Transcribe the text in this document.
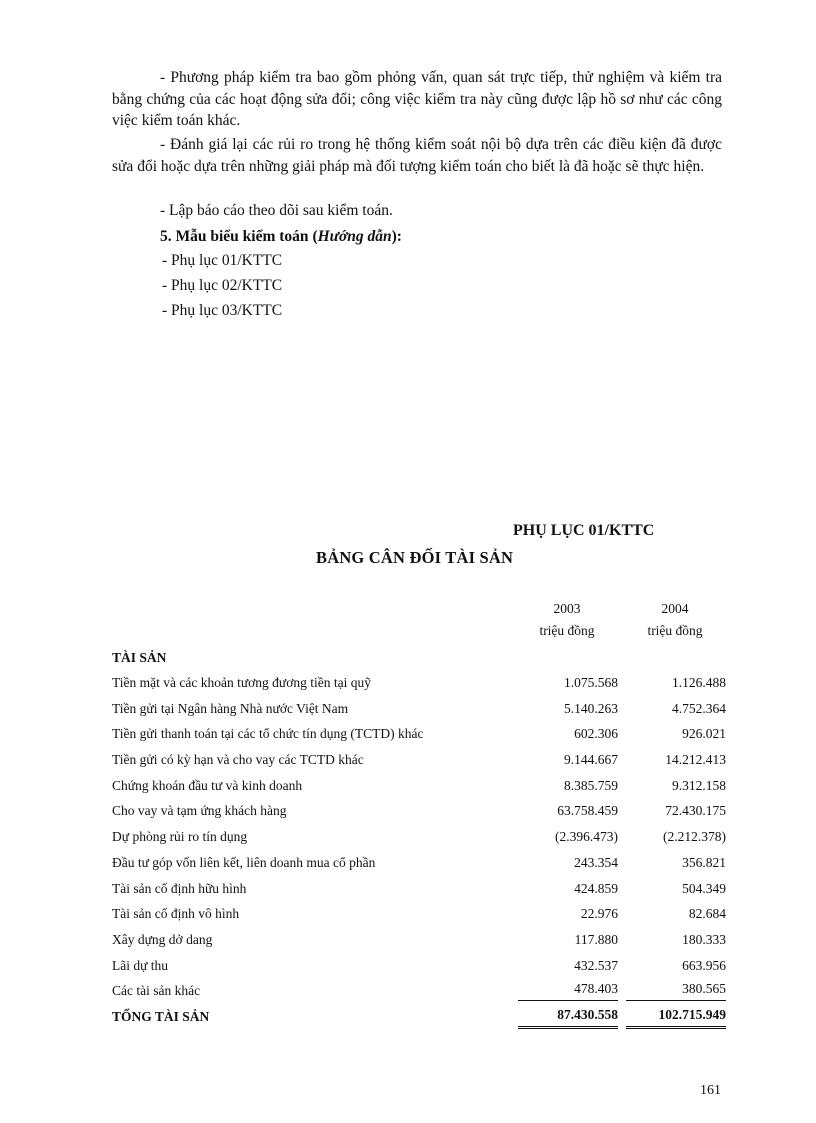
- Phương pháp kiểm tra bao gồm phỏng vấn, quan sát trực tiếp, thử nghiệm và kiểm tra bằng chứng của các hoạt động sửa đổi; công việc kiểm tra này cũng được lập hồ sơ như các công việc kiểm toán khác.

- Đánh giá lại các rủi ro trong hệ thống kiểm soát nội bộ dựa trên các điều kiện đã được sửa đổi hoặc dựa trên những giải pháp mà đối tượng kiểm toán cho biết là đã hoặc sẽ thực hiện.

- Lập báo cáo theo dõi sau kiểm toán.
5. Mẫu biểu kiểm toán (Hướng dẫn):
- Phụ lục 01/KTTC
- Phụ lục 02/KTTC
- Phụ lục 03/KTTC
PHỤ LỤC 01/KTTC
BẢNG CÂN ĐỐI TÀI SẢN
2003
triệu đồng
2004
triệu đồng
TÀI SẢN
Tiền mặt và các khoản tương đương tiền tại quỹ	1.075.568	1.126.488
Tiền gửi tại Ngân hàng Nhà nước Việt Nam	5.140.263	4.752.364
Tiền gửi thanh toán tại các tổ chức tín dụng (TCTD) khác	602.306	926.021
Tiền gửi có kỳ hạn và cho vay các TCTD khác	9.144.667	14.212.413
Chứng khoán đầu tư và kinh doanh	8.385.759	9.312.158
Cho vay và tạm ứng khách hàng	63.758.459	72.430.175
Dự phòng rủi ro tín dụng	(2.396.473)	(2.212.378)
Đầu tư góp vốn liên kết, liên doanh mua cổ phần	243.354	356.821
Tài sản cố định hữu hình	424.859	504.349
Tài sản cố định vô hình	22.976	82.684
Xây dựng dở dang	117.880	180.333
Lãi dự thu	432.537	663.956
Các tài sản khác	478.403	380.565
TỔNG TÀI SẢN	87.430.558	102.715.949
161
